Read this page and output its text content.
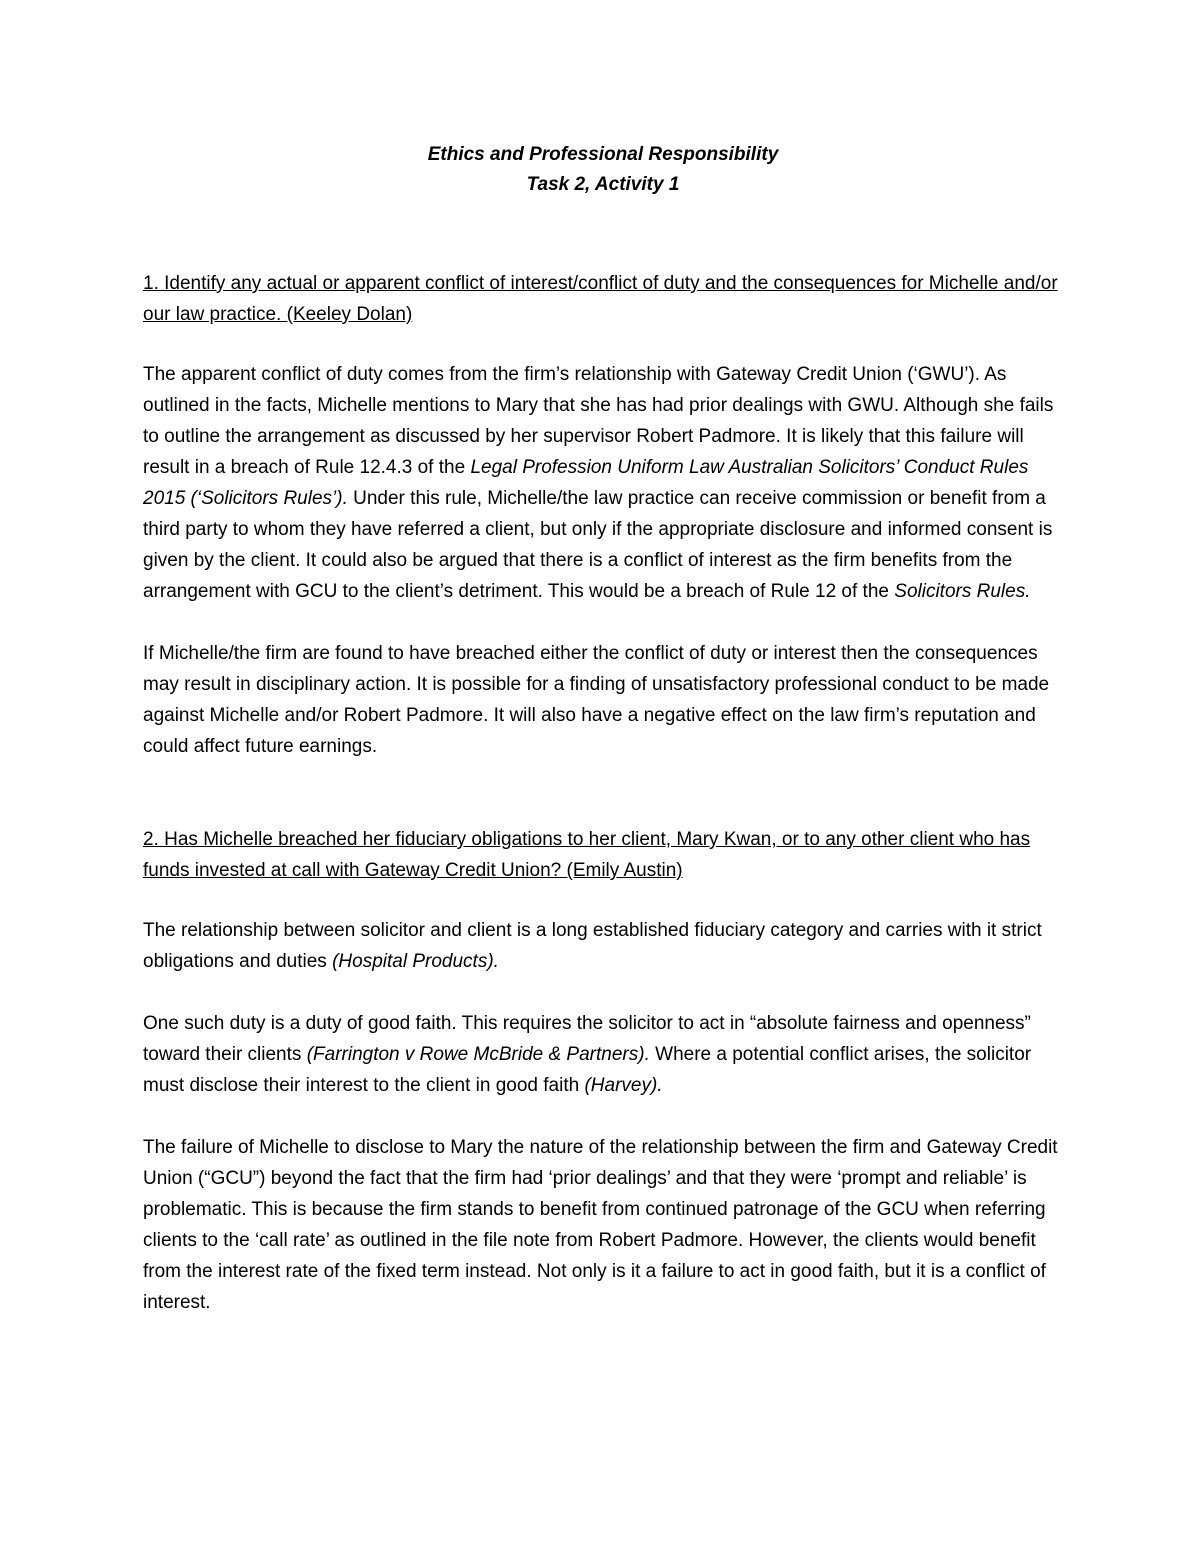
Ethics and Professional Responsibility

Task 2, Activity 1

1. Identify any actual or apparent conflict of interest/conflict of duty and the consequences for Michelle and/or our law practice. (Keeley Dolan)

The apparent conflict of duty comes from the firm’s relationship with Gateway Credit Union (‘GWU’). As outlined in the facts, Michelle mentions to Mary that she has had prior dealings with GWU. Although she fails to outline the arrangement as discussed by her supervisor Robert Padmore. It is likely that this failure will result in a breach of Rule 12.4.3 of the Legal Profession Uniform Law Australian Solicitors’ Conduct Rules 2015 (‘Solicitors Rules’). Under this rule, Michelle/the law practice can receive commission or benefit from a third party to whom they have referred a client, but only if the appropriate disclosure and informed consent is given by the client. It could also be argued that there is a conflict of interest as the firm benefits from the arrangement with GCU to the client’s detriment. This would be a breach of Rule 12 of the Solicitors Rules.

If Michelle/the firm are found to have breached either the conflict of duty or interest then the consequences may result in disciplinary action. It is possible for a finding of unsatisfactory professional conduct to be made against Michelle and/or Robert Padmore. It will also have a negative effect on the law firm’s reputation and could affect future earnings.

2. Has Michelle breached her fiduciary obligations to her client, Mary Kwan, or to any other client who has funds invested at call with Gateway Credit Union? (Emily Austin)

The relationship between solicitor and client is a long established fiduciary category and carries with it strict obligations and duties (Hospital Products).

One such duty is a duty of good faith. This requires the solicitor to act in “absolute fairness and openness” toward their clients (Farrington v Rowe McBride & Partners). Where a potential conflict arises, the solicitor must disclose their interest to the client in good faith (Harvey).

The failure of Michelle to disclose to Mary the nature of the relationship between the firm and Gateway Credit Union (“GCU”) beyond the fact that the firm had ‘prior dealings’ and that they were ‘prompt and reliable’ is problematic. This is because the firm stands to benefit from continued patronage of the GCU when referring clients to the ‘call rate’ as outlined in the file note from Robert Padmore. However, the clients would benefit from the interest rate of the fixed term instead. Not only is it a failure to act in good faith, but it is a conflict of interest.
